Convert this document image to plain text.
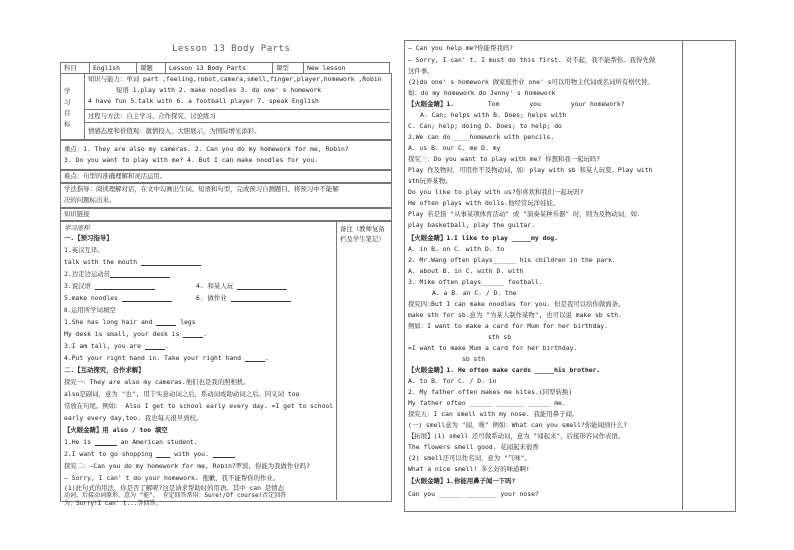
Lesson 13 Body Parts
科目	English	课题	Lesson 13 Body Parts	课型	New lesson
学
习
目
标
知识与能力：单词 part ,feeling,robot,camera,smell,finger,player,homework ,Robin
短语 1.play with 2. make noodles 3. do one' s homework
4 have fun 5.talk with 6. a football player 7. speak English
过程与方法：自主学习、合作探究、讨论练习
情感态度和价值观：激情投入，大胆展示，为国际增光添彩。
重点：1. They are also my cameras. 2. Can you do my homework for me, Robin?
3. Do you want to play with me? 4. But I can make noodles for you.
难点：句型的准确理解和灵活运用。
学法指导：阅读理解对话，在文中勾画出生词、短语和句型，完成预习自测题目。将预习中不能解
决的问题标出来。
知识链接
学习流程	备注（教师复备栏及学生笔记）
一.【预习指导】
1.英汉互译。
talk with the mouth
2.边走边运动员
3.说汉语	4. 和某人玩
5.make noodles	6. 做作业
Ⅱ.运用所学词填空
1.She has long hair and	legs
My desk is small, your desk is	.
3.I am tall, you are	.
4.Put your right hand in. Take your right hand	.
二.【互动探究，合作求解】
探究一：They are also my cameras.他们也是我的照相机。
also是副词，意为 "也", 用于实意动词之后，系动词或助动词之后。同义词 too
常放在句尾。例如： Also I get to school early every day. =I get to school
early every day,too. 我也每天很早到校。
【火眼金睛】用 also / too 填空
1.He is	an American student.
2.I want to go shopping	with you.
探究二：—Can you do my homework for me, Robin?罗滨，你能为我做作业吗?
— Sorry, I can' t do your homework. 抱歉，我不能帮你的作业。
(1)此句式的用法，你是否了解呢?这是请求帮助时的用语。其中 can 是情态
动词，后接动词原形，意为 "能"。 肯定回答常用：Sure!/Of course!否定回答
为：Sorry!I can' t...等回答。
— Can you help me?你能帮我吗?
— Sorry, I can' t. I must do this first. 对不起，我不能帮你。我得先做
这件事。
(2)do one' s homework 做家庭作业 one' s可以用物主代词或名词所有格代替。
如：do my homework do Jenny' s homework
【火眼金睛】1.	Tom	you	your homework?
A. Can; helps with B. Does; helps with
C. Can; help; doing D. Does; to help; do
2.We can do ____homework with pencils.
A. us B. our C. me D. my
探究三：Do you want to play with me? 你想和我一起玩吗?
Play 作及物时，可用作不及物动词，如：play with sb 和某人玩耍。Play with
sth玩弄某物。
Do you like to play with us?你喜欢和我们一起玩吗?
He often plays with dolls.他经常玩洋娃娃。
Play 若是指 "从事某项体育活动" 或 "演奏某种乐器" 时，则为及物动词，如：
play basketball, play the guitar.
【火眼金睛】1.I like to play _____my dog.
A. in B. on C. with D. to
2. Mr.Wang often plays______ his children in the park.
A. about B. in C. with D. with
3. Mike often plays______ football.
A. a B. an C. / D. the
探究四:But I can make noodles for you. 但是我可以给你做面条。
make sth for sb.意为 "为某人制作某物", 也可以说 make sb sth.
例如：I want to make a card for Mum for her birthday.
sth sb
=I want to make Mum a card for her birthday.
sb sth
【火眼金睛】1. He often make cards _____his brother.
A. to B. for C. / D. in
2. My father often makes me kites.(同型转换)
My father often ______ _______ ______ me.
探究五：I can smell with my nose. 我能用鼻子闻。
(一) smell意为 "闻，嗅" 例如：What can you smell?你能闻到什么?
【拓展】(1) smell 还可做系动词，意为 "闻起来"，后接形容词作表语。
The flowers smell good. 花闻起来很香
(2) smell还可以作名词，意为 "气味"。
What a nice smell! 多么好的味道啊!
【火眼金睛】1.你能用鼻子闻一下吗?
Can you ______ ________ your nose?
